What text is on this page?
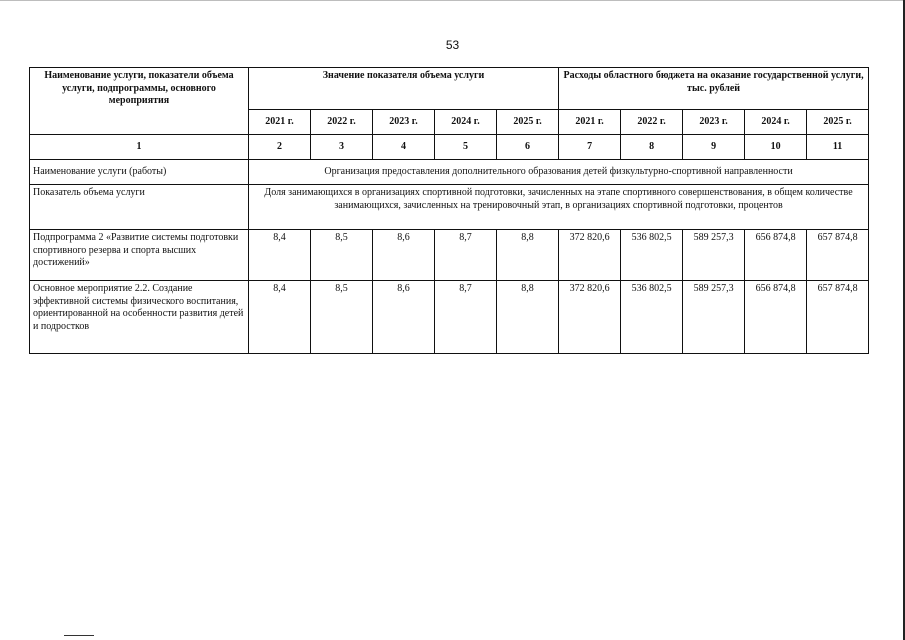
53
Наименование услуги, показатели объема услуги, подпрограммы, основного мероприятия	Значение показателя объема услуги					Расходы областного бюджета на оказание государственной услуги, тыс. рублей				
	2021 г.	2022 г.	2023 г.	2024 г.	2025 г.	2021 г.	2022 г.	2023 г.	2024 г.	2025 г.
1	2	3	4	5	6	7	8	9	10	11
Наименование услуги (работы)	Организация предоставления дополнительного образования детей физкультурно-спортивной направленности									
Показатель объема услуги	Доля занимающихся в организациях спортивной подготовки, зачисленных на этапе спортивного совершенствования, в общем количестве занимающихся, зачисленных на тренировочный этап, в организациях спортивной подготовки, процентов									
Подпрограмма 2 «Развитие системы подготовки спортивного резерва и спорта высших достижений»	8,4	8,5	8,6	8,7	8,8	372 820,6	536 802,5	589 257,3	656 874,8	657 874,8
Основное мероприятие 2.2. Создание эффективной системы физического воспитания, ориентированной на особенности развития детей и подростков	8,4	8,5	8,6	8,7	8,8	372 820,6	536 802,5	589 257,3	656 874,8	657 874,8
